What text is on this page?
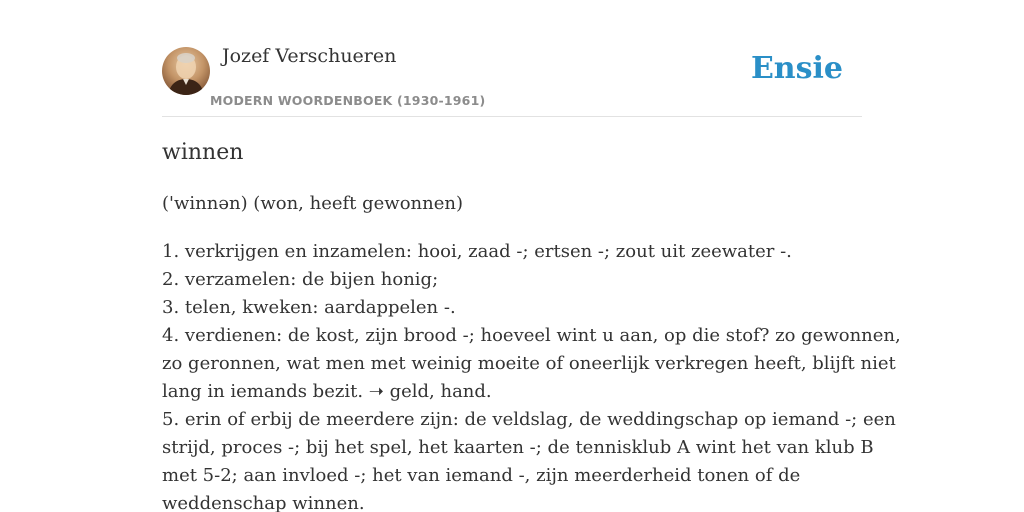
Jozef Verschueren
MODERN WOORDENBOEK (1930-1961)
Ensie
winnen
('winnən) (won, heeft gewonnen)
1. verkrijgen en inzamelen: hooi, zaad -; ertsen -; zout uit zeewater -.
2. verzamelen: de bijen honig;
3. telen, kweken: aardappelen -.
4. verdienen: de kost, zijn brood -; hoeveel wint u aan, op die stof? zo gewonnen,
zo geronnen, wat men met weinig moeite of oneerlijk verkregen heeft, blijft niet
lang in iemands bezit. ➝ geld, hand.
5. erin of erbij de meerdere zijn: de veldslag, de weddingschap op iemand -; een
strijd, proces -; bij het spel, het kaarten -; de tennisklub A wint het van klub B
met 5-2; aan invloed -; het van iemand -, zijn meerderheid tonen of de
weddenschap winnen.
